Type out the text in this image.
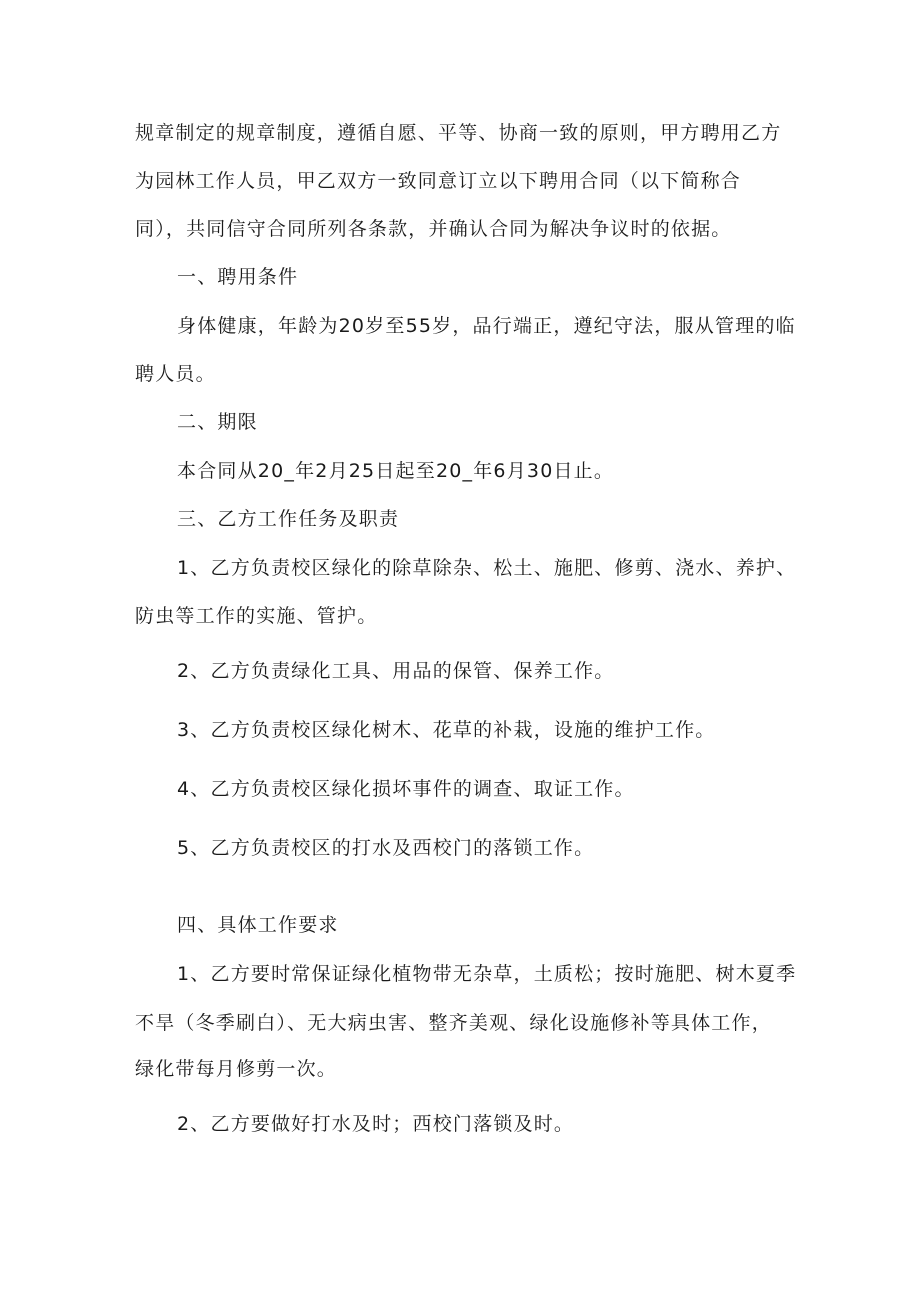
规章制定的规章制度，遵循自愿、平等、协商一致的原则，甲方聘用乙方
为园林工作人员，甲乙双方一致同意订立以下聘用合同（以下简称合
同），共同信守合同所列各条款，并确认合同为解决争议时的依据。
一、聘用条件
身体健康，年龄为20岁至55岁，品行端正，遵纪守法，服从管理的临
聘人员。
二、期限
本合同从20_年2月25日起至20_年6月30日止。
三、乙方工作任务及职责
1、乙方负责校区绿化的除草除杂、松土、施肥、修剪、浇水、养护、
防虫等工作的实施、管护。
2、乙方负责绿化工具、用品的保管、保养工作。
3、乙方负责校区绿化树木、花草的补栽，设施的维护工作。
4、乙方负责校区绿化损坏事件的调查、取证工作。
5、乙方负责校区的打水及西校门的落锁工作。
四、具体工作要求
1、乙方要时常保证绿化植物带无杂草，土质松；按时施肥、树木夏季
不旱（冬季刷白）、无大病虫害、整齐美观、绿化设施修补等具体工作，
绿化带每月修剪一次。
2、乙方要做好打水及时；西校门落锁及时。
